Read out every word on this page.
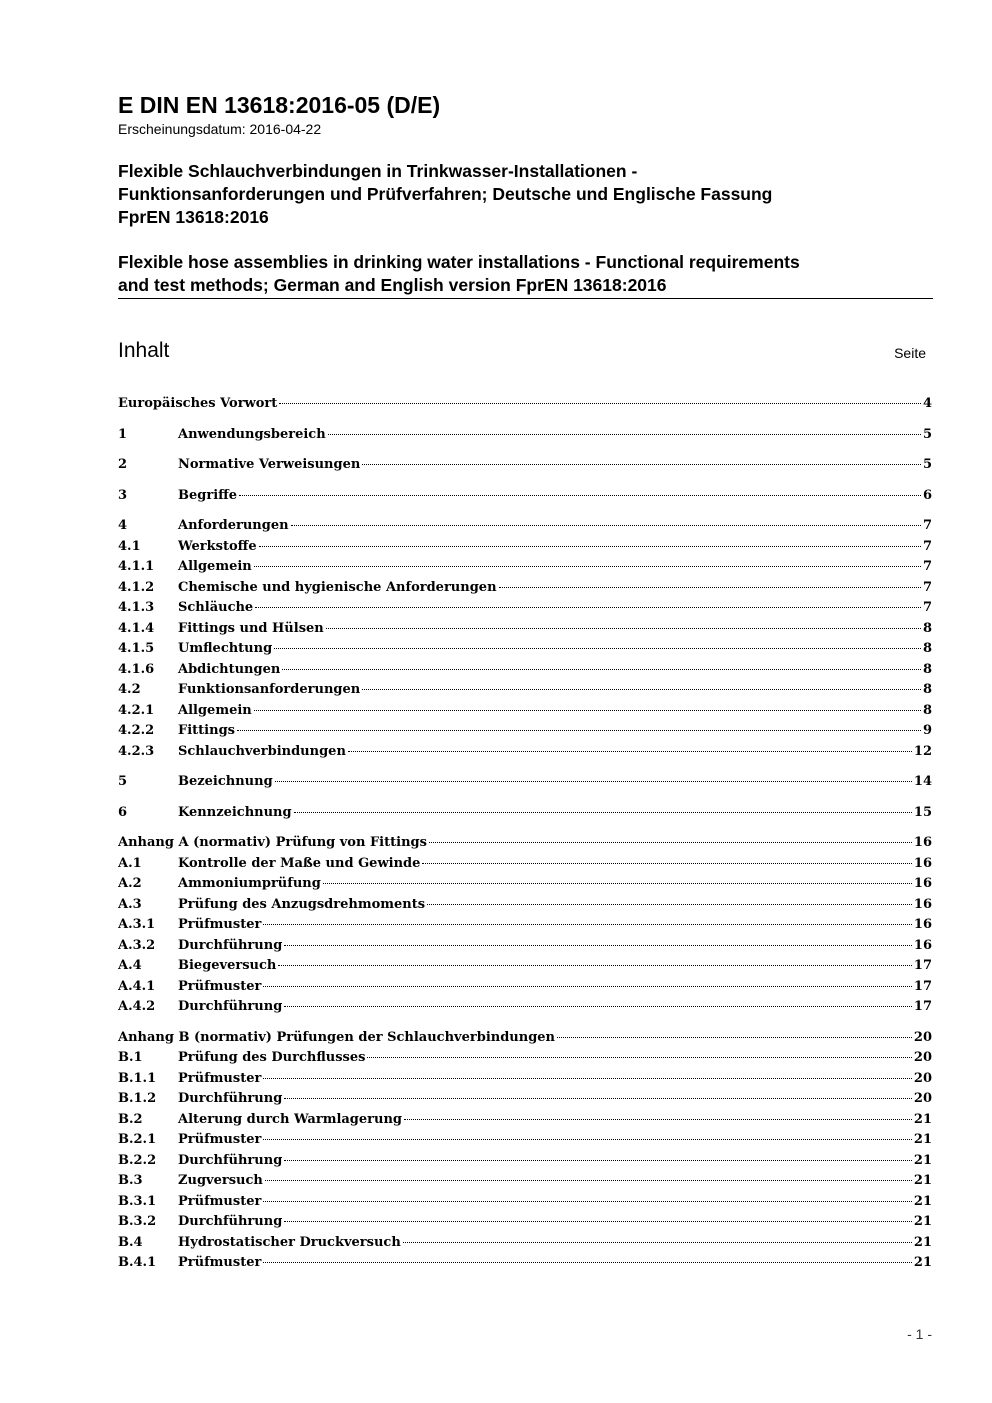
E DIN EN 13618:2016-05 (D/E)
Erscheinungsdatum: 2016-04-22
Flexible Schlauchverbindungen in Trinkwasser-Installationen -
Funktionsanforderungen und Prüfverfahren; Deutsche und Englische Fassung
FprEN 13618:2016
Flexible hose assemblies in drinking water installations - Functional requirements
and test methods; German and English version FprEN 13618:2016
Inhalt	Seite
Europäisches Vorwort	4
1	Anwendungsbereich	5
2	Normative Verweisungen	5
3	Begriffe	6
4	Anforderungen	7
4.1	Werkstoffe	7
4.1.1	Allgemein	7
4.1.2	Chemische und hygienische Anforderungen	7
4.1.3	Schläuche	7
4.1.4	Fittings und Hülsen	8
4.1.5	Umflechtung	8
4.1.6	Abdichtungen	8
4.2	Funktionsanforderungen	8
4.2.1	Allgemein	8
4.2.2	Fittings	9
4.2.3	Schlauchverbindungen	12
5	Bezeichnung	14
6	Kennzeichnung	15
Anhang A (normativ) Prüfung von Fittings	16
A.1	Kontrolle der Maße und Gewinde	16
A.2	Ammoniumprüfung	16
A.3	Prüfung des Anzugsdrehmoments	16
A.3.1	Prüfmuster	16
A.3.2	Durchführung	16
A.4	Biegeversuch	17
A.4.1	Prüfmuster	17
A.4.2	Durchführung	17
Anhang B (normativ) Prüfungen der Schlauchverbindungen	20
B.1	Prüfung des Durchflusses	20
B.1.1	Prüfmuster	20
B.1.2	Durchführung	20
B.2	Alterung durch Warmlagerung	21
B.2.1	Prüfmuster	21
B.2.2	Durchführung	21
B.3	Zugversuch	21
B.3.1	Prüfmuster	21
B.3.2	Durchführung	21
B.4	Hydrostatischer Druckversuch	21
B.4.1	Prüfmuster	21
- 1 -
